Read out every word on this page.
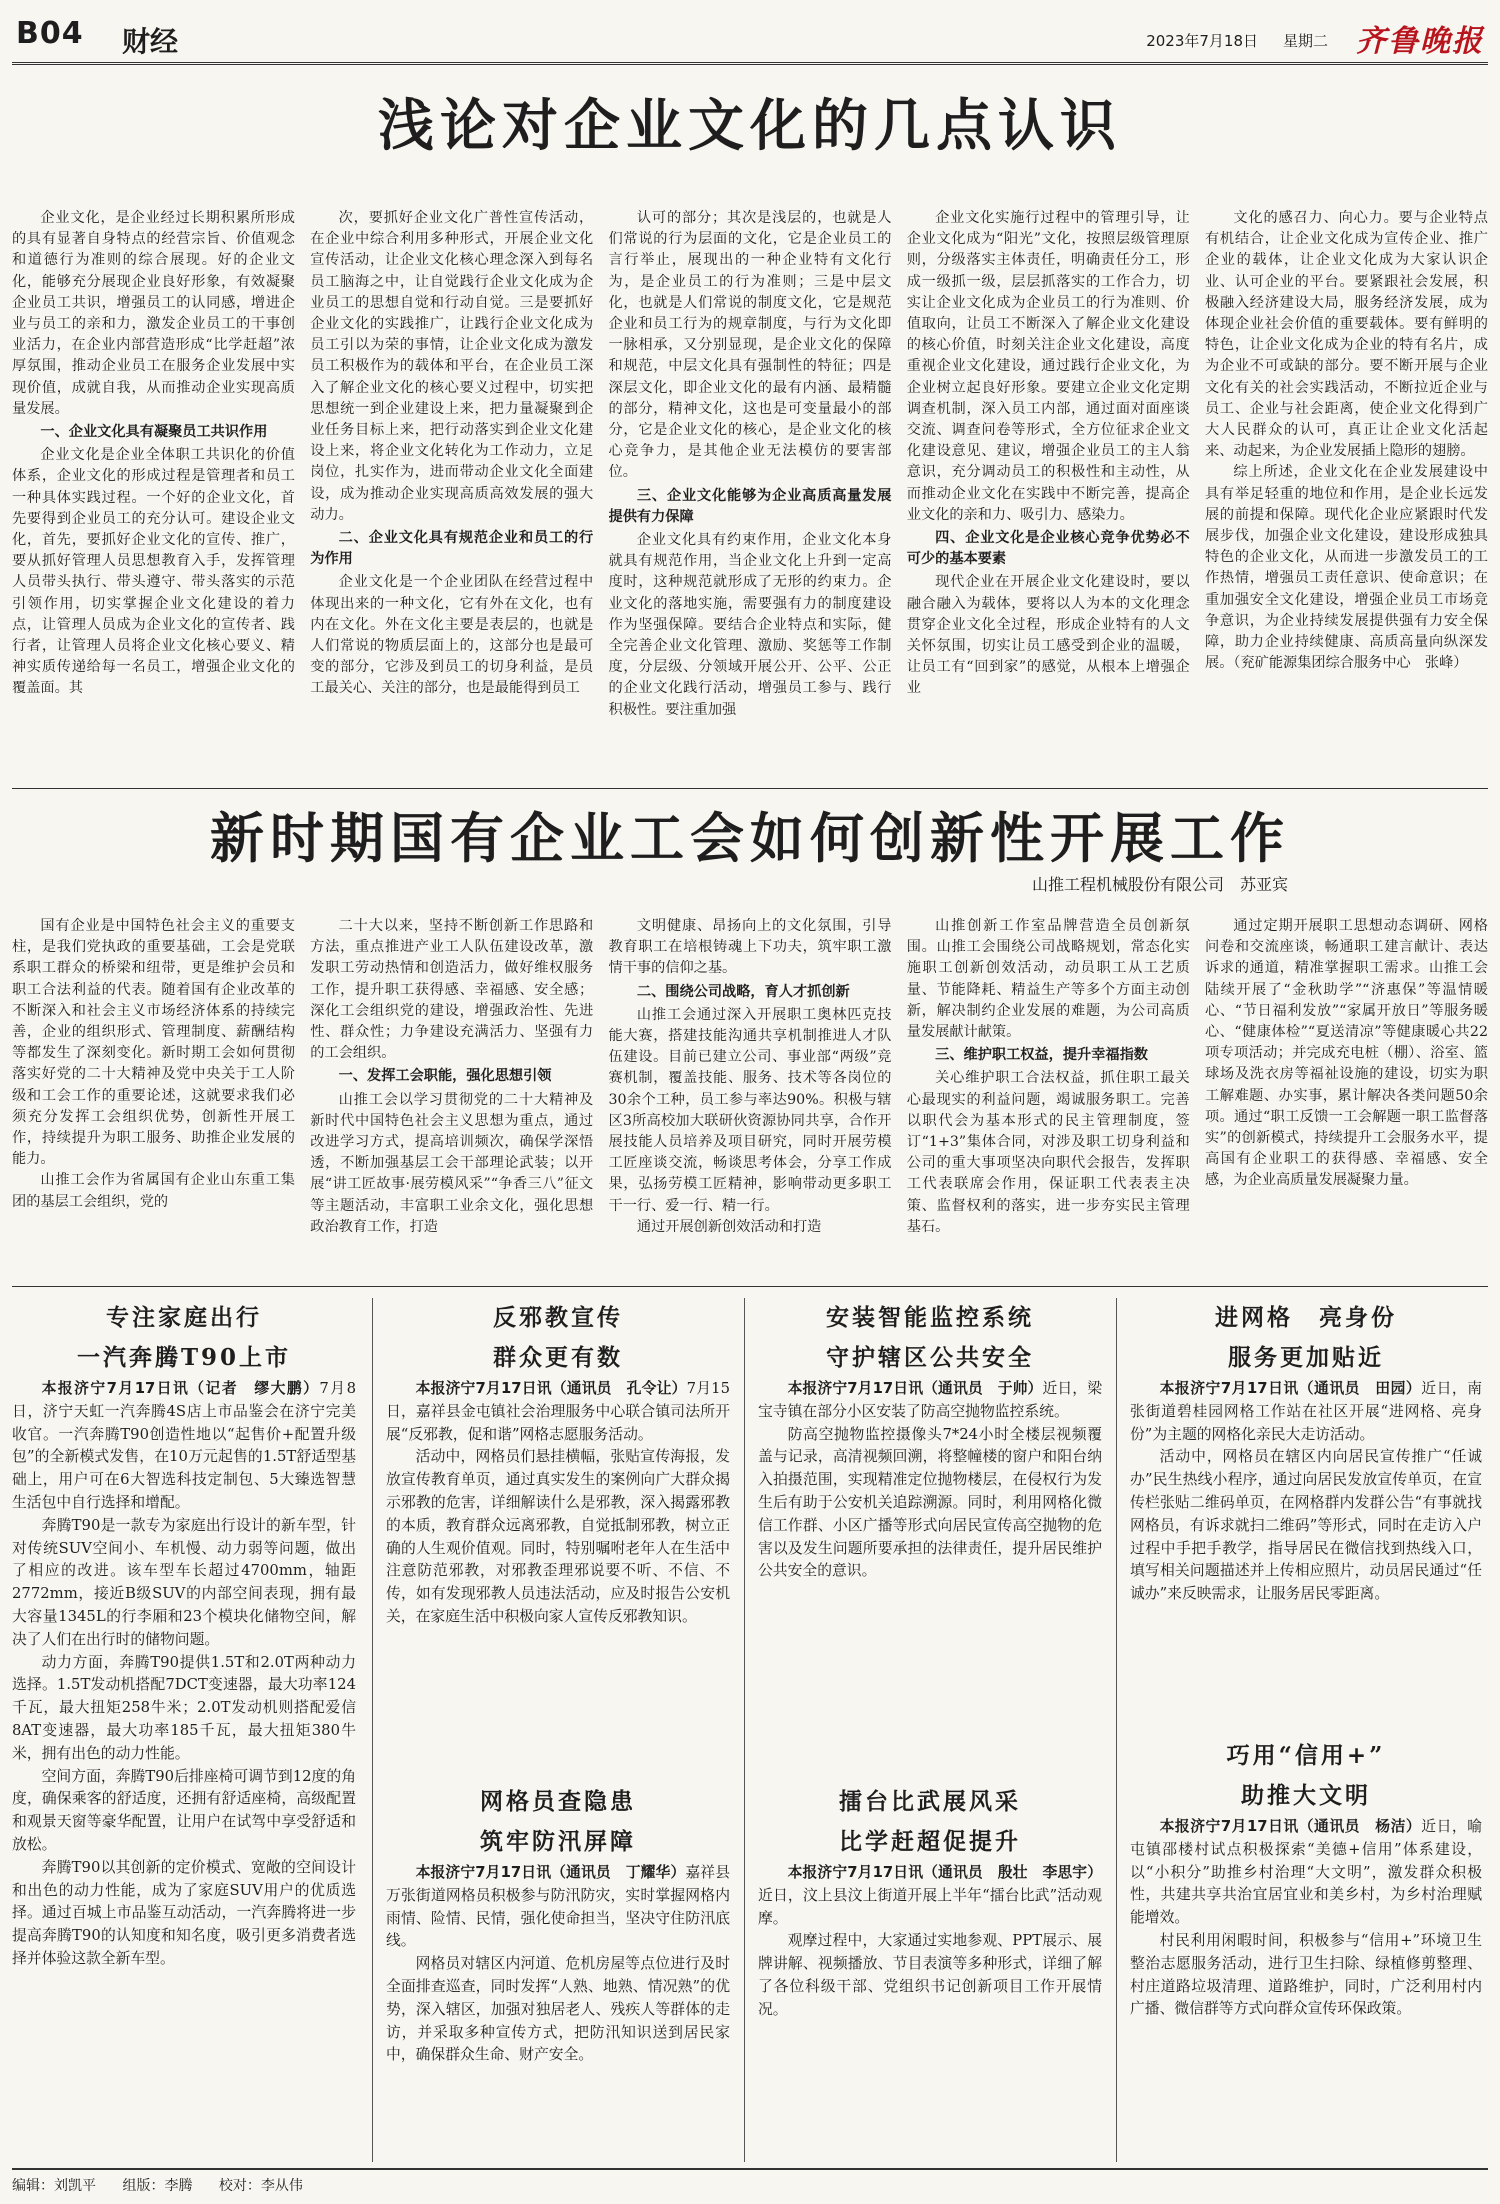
B04 财经	2023年7月18日 星期二 齐鲁晚报
浅论对企业文化的几点认识

企业文化，是企业经过长期积累所形成的具有显著自身特点的经营宗旨、价值观念和道德行为准则的综合展现。好的企业文化，能够充分展现企业良好形象，有效凝聚企业员工共识，增强员工的认同感，增进企业与员工的亲和力，激发企业员工的干事创业活力，在企业内部营造形成“比学赶超”浓厚氛围，推动企业员工在服务企业发展中实现价值，成就自我，从而推动企业实现高质量发展。

一、企业文化具有凝聚员工共识作用

企业文化是企业全体职工共识化的价值体系，企业文化的形成过程是管理者和员工一种具体实践过程。一个好的企业文化，首先要得到企业员工的充分认可。建设企业文化，首先，要抓好企业文化的宣传、推广，要从抓好管理人员思想教育入手，发挥管理人员带头执行、带头遵守、带头落实的示范引领作用，切实掌握企业文化建设的着力点，让管理人员成为企业文化的宣传者、践行者，让管理人员将企业文化核心要义、精神实质传递给每一名员工，增强企业文化的覆盖面。其

次，要抓好企业文化广普性宣传活动，在企业中综合利用多种形式，开展企业文化宣传活动，让企业文化核心理念深入到每名员工脑海之中，让自觉践行企业文化成为企业员工的思想自觉和行动自觉。三是要抓好企业文化的实践推广，让践行企业文化成为员工引以为荣的事情，让企业文化成为激发员工积极作为的载体和平台，在企业员工深入了解企业文化的核心要义过程中，切实把思想统一到企业建设上来，把力量凝聚到企业任务目标上来，把行动落实到企业文化建设上来，将企业文化转化为工作动力，立足岗位，扎实作为，进而带动企业文化全面建设，成为推动企业实现高质高效发展的强大动力。

二、企业文化具有规范企业和员工的行为作用

企业文化是一个企业团队在经营过程中体现出来的一种文化，它有外在文化，也有内在文化。外在文化主要是表层的，也就是人们常说的物质层面上的，这部分也是最可变的部分，它涉及到员工的切身利益，是员工最关心、关注的部分，也是最能得到员工

认可的部分；其次是浅层的，也就是人们常说的行为层面的文化，它是企业员工的言行举止，展现出的一种企业特有文化行为，是企业员工的行为准则；三是中层文化，也就是人们常说的制度文化，它是规范企业和员工行为的规章制度，与行为文化即一脉相承，又分别显现，是企业文化的保障和规范，中层文化具有强制性的特征；四是深层文化，即企业文化的最有内涵、最精髓的部分，精神文化，这也是可变量最小的部分，它是企业文化的核心，是企业文化的核心竞争力，是其他企业无法模仿的要害部位。

三、企业文化能够为企业高质高量发展提供有力保障

企业文化具有约束作用，企业文化本身就具有规范作用，当企业文化上升到一定高度时，这种规范就形成了无形的约束力。企业文化的落地实施，需要强有力的制度建设作为坚强保障。要结合企业特点和实际，健全完善企业文化管理、激励、奖惩等工作制度，分层级、分领域开展公开、公平、公正的企业文化践行活动，增强员工参与、践行积极性。要注重加强

企业文化实施行过程中的管理引导，让企业文化成为“阳光”文化，按照层级管理原则，分级落实主体责任，明确责任分工，形成一级抓一级，层层抓落实的工作合力，切实让企业文化成为企业员工的行为准则、价值取向，让员工不断深入了解企业文化建设的核心价值，时刻关注企业文化建设，高度重视企业文化建设，通过践行企业文化，为企业树立起良好形象。要建立企业文化定期调查机制，深入员工内部，通过面对面座谈交流、调查问卷等形式，全方位征求企业文化建设意见、建议，增强企业员工的主人翁意识，充分调动员工的积极性和主动性，从而推动企业文化在实践中不断完善，提高企业文化的亲和力、吸引力、感染力。

四、企业文化是企业核心竞争优势必不可少的基本要素

现代企业在开展企业文化建设时，要以融合融入为载体，要将以人为本的文化理念贯穿企业文化全过程，形成企业特有的人文关怀氛围，切实让员工感受到企业的温暖，让员工有“回到家”的感觉，从根本上增强企业

文化的感召力、向心力。要与企业特点有机结合，让企业文化成为宣传企业、推广企业的载体，让企业文化成为大家认识企业、认可企业的平台。要紧跟社会发展，积极融入经济建设大局，服务经济发展，成为体现企业社会价值的重要载体。要有鲜明的特色，让企业文化成为企业的特有名片，成为企业不可或缺的部分。要不断开展与企业文化有关的社会实践活动，不断拉近企业与员工、企业与社会距离，使企业文化得到广大人民群众的认可，真正让企业文化活起来、动起来，为企业发展插上隐形的翅膀。

综上所述，企业文化在企业发展建设中具有举足轻重的地位和作用，是企业长远发展的前提和保障。现代化企业应紧跟时代发展步伐，加强企业文化建设，建设形成独具特色的企业文化，从而进一步激发员工的工作热情，增强员工责任意识、使命意识；在重加强安全文化建设，增强企业员工市场竞争意识，为企业持续发展提供强有力安全保障，助力企业持续健康、高质高量向纵深发展。（兖矿能源集团综合服务中心　张峰）

新时期国有企业工会如何创新性开展工作
山推工程机械股份有限公司　苏亚宾

国有企业是中国特色社会主义的重要支柱，是我们党执政的重要基础，工会是党联系职工群众的桥梁和纽带，更是维护会员和职工合法利益的代表。随着国有企业改革的不断深入和社会主义市场经济体系的持续完善，企业的组织形式、管理制度、薪酬结构等都发生了深刻变化。新时期工会如何贯彻落实好党的二十大精神及党中央关于工人阶级和工会工作的重要论述，这就要求我们必须充分发挥工会组织优势，创新性开展工作，持续提升为职工服务、助推企业发展的能力。

山推工会作为省属国有企业山东重工集团的基层工会组织，党的

二十大以来，坚持不断创新工作思路和方法，重点推进产业工人队伍建设改革，激发职工劳动热情和创造活力，做好维权服务工作，提升职工获得感、幸福感、安全感；深化工会组织党的建设，增强政治性、先进性、群众性；力争建设充满活力、坚强有力的工会组织。

一、发挥工会职能，强化思想引领

山推工会以学习贯彻党的二十大精神及新时代中国特色社会主义思想为重点，通过改进学习方式，提高培训频次，确保学深悟透，不断加强基层工会干部理论武装；以开展“讲工匠故事·展劳模风采”“争香三八”征文等主题活动，丰富职工业余文化，强化思想政治教育工作，打造

文明健康、昂扬向上的文化氛围，引导教育职工在培根铸魂上下功夫，筑牢职工激情干事的信仰之基。

二、围绕公司战略，育人才抓创新

山推工会通过深入开展职工奥林匹克技能大赛，搭建技能沟通共享机制推进人才队伍建设。目前已建立公司、事业部“两级”竞赛机制，覆盖技能、服务、技术等各岗位的30余个工种，员工参与率达90%。积极与辖区3所高校加大联研伙资源协同共享，合作开展技能人员培养及项目研究，同时开展劳模工匠座谈交流，畅谈思考体会，分享工作成果，弘扬劳模工匠精神，影响带动更多职工干一行、爱一行、精一行。

通过开展创新创效活动和打造

山推创新工作室品牌营造全员创新氛围。山推工会围绕公司战略规划，常态化实施职工创新创效活动，动员职工从工艺质量、节能降耗、精益生产等多个方面主动创新，解决制约企业发展的难题，为公司高质量发展献计献策。

三、维护职工权益，提升幸福指数

关心维护职工合法权益，抓住职工最关心最现实的利益问题，竭诚服务职工。完善以职代会为基本形式的民主管理制度，签订“1+3”集体合同，对涉及职工切身利益和公司的重大事项坚决向职代会报告，发挥职工代表联席会作用，保证职工代表表主决策、监督权利的落实，进一步夯实民主管理基石。

通过定期开展职工思想动态调研、网格问卷和交流座谈，畅通职工建言献计、表达诉求的通道，精准掌握职工需求。山推工会陆续开展了“金秋助学”“济惠保”等温情暖心、“节日福利发放”“家属开放日”等服务暖心、“健康体检”“夏送清凉”等健康暖心共22项专项活动；并完成充电桩（棚）、浴室、篮球场及洗衣房等福祉设施的建设，切实为职工解难题、办实事，累计解决各类问题50余项。通过“职工反馈一工会解题一职工监督落实”的创新模式，持续提升工会服务水平，提高国有企业职工的获得感、幸福感、安全感，为企业高质量发展凝聚力量。

专注家庭出行
一汽奔腾T90上市

本报济宁7月17日讯（记者　缪大鹏）7月8日，济宁天虹一汽奔腾4S店上市品鉴会在济宁完美收官。一汽奔腾T90创造性地以“起售价+配置升级包”的全新模式发售，在10万元起售的1.5T舒适型基础上，用户可在6大智选科技定制包、5大臻选智慧生活包中自行选择和增配。

奔腾T90是一款专为家庭出行设计的新车型，针对传统SUV空间小、车机慢、动力弱等问题，做出了相应的改进。该车型车长超过4700mm，轴距2772mm，接近B级SUV的内部空间表现，拥有最大容量1345L的行李厢和23个模块化储物空间，解决了人们在出行时的储物问题。

动力方面，奔腾T90提供1.5T和2.0T两种动力选择。1.5T发动机搭配7DCT变速器，最大功率124千瓦，最大扭矩258牛米；2.0T发动机则搭配爱信8AT变速器，最大功率185千瓦，最大扭矩380牛米，拥有出色的动力性能。

空间方面，奔腾T90后排座椅可调节到12度的角度，确保乘客的舒适度，还拥有舒适座椅，高级配置和观景天窗等豪华配置，让用户在试驾中享受舒适和放松。

奔腾T90以其创新的定价模式、宽敞的空间设计和出色的动力性能，成为了家庭SUV用户的优质选择。通过百城上市品鉴互动活动，一汽奔腾将进一步提高奔腾T90的认知度和知名度，吸引更多消费者选择并体验这款全新车型。

反邪教宣传
群众更有数

本报济宁7月17日讯（通讯员　孔令让）7月15日，嘉祥县金屯镇社会治理服务中心联合镇司法所开展“反邪教，促和谐”网格志愿服务活动。

活动中，网格员们悬挂横幅，张贴宣传海报，发放宣传教育单页，通过真实发生的案例向广大群众揭示邪教的危害，详细解读什么是邪教，深入揭露邪教的本质，教育群众远离邪教，自觉抵制邪教，树立正确的人生观价值观。同时，特别嘱咐老年人在生活中注意防范邪教，对邪教歪理邪说要不听、不信、不传，如有发现邪教人员违法活动，应及时报告公安机关，在家庭生活中积极向家人宣传反邪教知识。

网格员查隐患
筑牢防汛屏障

本报济宁7月17日讯（通讯员　丁耀华）嘉祥县万张街道网格员积极参与防汛防灾，实时掌握网格内雨情、险情、民情，强化使命担当，坚决守住防汛底线。

网格员对辖区内河道、危机房屋等点位进行及时全面排查巡查，同时发挥“人熟、地熟、情况熟”的优势，深入辖区，加强对独居老人、残疾人等群体的走访，并采取多种宣传方式，把防汛知识送到居民家中，确保群众生命、财产安全。

安装智能监控系统
守护辖区公共安全

本报济宁7月17日讯（通讯员　于帅）近日，梁宝寺镇在部分小区安装了防高空抛物监控系统。

防高空抛物监控摄像头7*24小时全楼层视频覆盖与记录，高清视频回溯，将整幢楼的窗户和阳台纳入拍摄范围，实现精准定位抛物楼层，在侵权行为发生后有助于公安机关追踪溯源。同时，利用网格化微信工作群、小区广播等形式向居民宣传高空抛物的危害以及发生问题所要承担的法律责任，提升居民维护公共安全的意识。

擂台比武展风采
比学赶超促提升

本报济宁7月17日讯（通讯员　殷壮　李思宇）近日，汶上县汶上街道开展上半年“擂台比武”活动观摩。

观摩过程中，大家通过实地参观、PPT展示、展牌讲解、视频播放、节目表演等多种形式，详细了解了各位科级干部、党组织书记创新项目工作开展情况。

进网格　亮身份
服务更加贴近

本报济宁7月17日讯（通讯员　田园）近日，南张街道碧桂园网格工作站在社区开展“进网格、亮身份”为主题的网格化亲民大走访活动。

活动中，网格员在辖区内向居民宣传推广“任诚办”民生热线小程序，通过向居民发放宣传单页，在宣传栏张贴二维码单页，在网格群内发群公告“有事就找网格员，有诉求就扫二维码”等形式，同时在走访入户过程中手把手教学，指导居民在微信找到热线入口，填写相关问题描述并上传相应照片，动员居民通过“任诚办”来反映需求，让服务居民零距离。

巧用“信用+”
助推大文明

本报济宁7月17日讯（通讯员　杨洁）近日，喻屯镇邵楼村试点积极探索“美德+信用”体系建设，以“小积分”助推乡村治理“大文明”，激发群众积极性，共建共享共治宜居宜业和美乡村，为乡村治理赋能增效。

村民利用闲暇时间，积极参与“信用+”环境卫生整治志愿服务活动，进行卫生扫除、绿植修剪整理、村庄道路垃圾清理、道路维护，同时，广泛利用村内广播、微信群等方式向群众宣传环保政策。

编辑：刘凯平 组版：李腾 校对：李从伟
